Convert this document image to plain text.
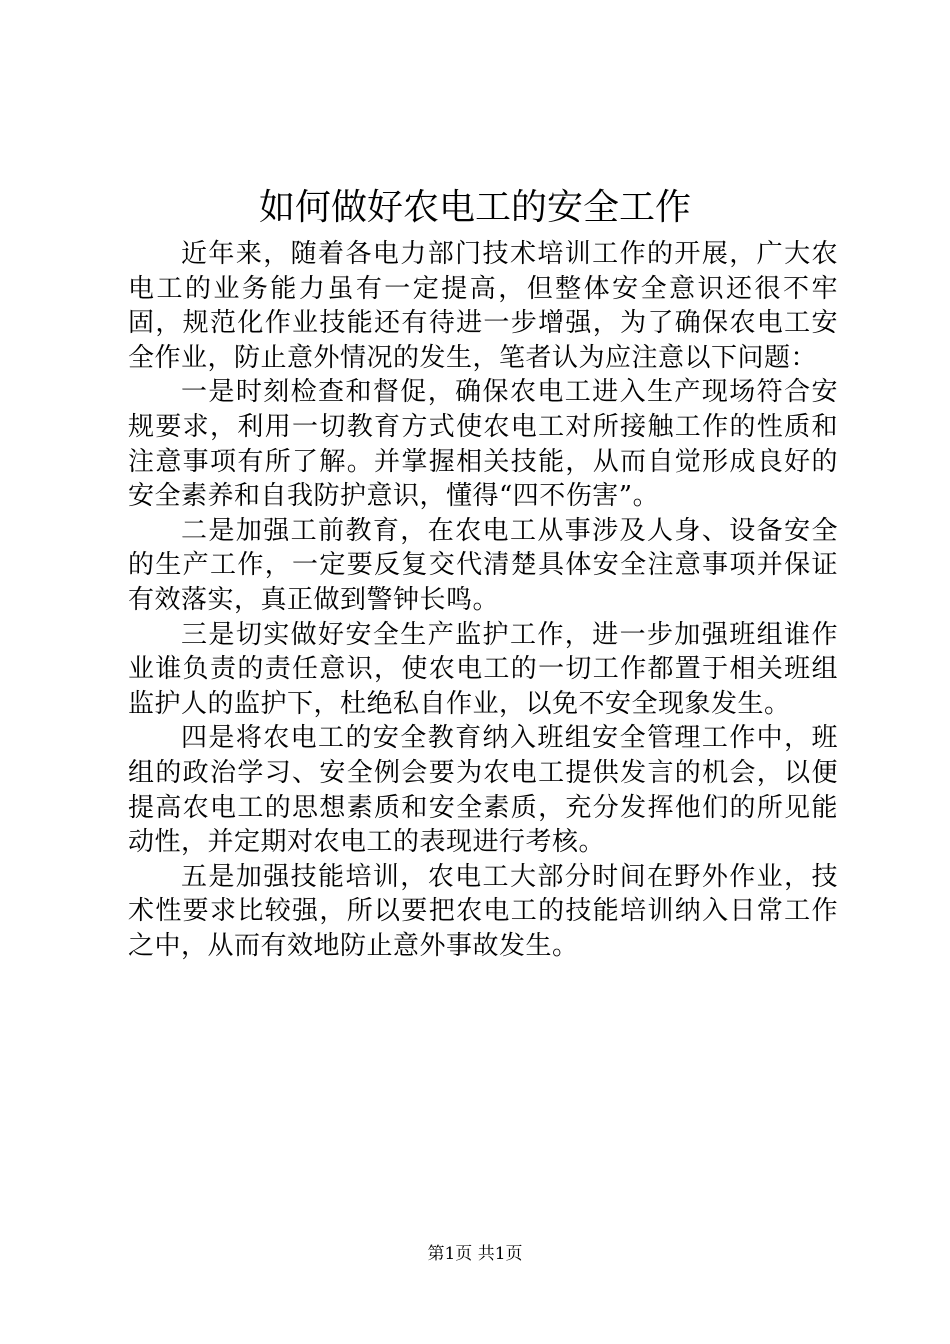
如何做好农电工的安全工作

近年来，随着各电力部门技术培训工作的开展，广大农电工的业务能力虽有一定提高，但整体安全意识还很不牢固，规范化作业技能还有待进一步增强，为了确保农电工安全作业，防止意外情况的发生，笔者认为应注意以下问题：

一是时刻检查和督促，确保农电工进入生产现场符合安规要求，利用一切教育方式使农电工对所接触工作的性质和注意事项有所了解。并掌握相关技能，从而自觉形成良好的安全素养和自我防护意识，懂得“四不伤害”。

二是加强工前教育，在农电工从事涉及人身、设备安全的生产工作，一定要反复交代清楚具体安全注意事项并保证有效落实，真正做到警钟长鸣。

三是切实做好安全生产监护工作，进一步加强班组谁作业谁负责的责任意识，使农电工的一切工作都置于相关班组监护人的监护下，杜绝私自作业，以免不安全现象发生。

四是将农电工的安全教育纳入班组安全管理工作中，班组的政治学习、安全例会要为农电工提供发言的机会，以便提高农电工的思想素质和安全素质，充分发挥他们的所见能动性，并定期对农电工的表现进行考核。

五是加强技能培训，农电工大部分时间在野外作业，技术性要求比较强，所以要把农电工的技能培训纳入日常工作之中，从而有效地防止意外事故发生。

第1页 共1页
